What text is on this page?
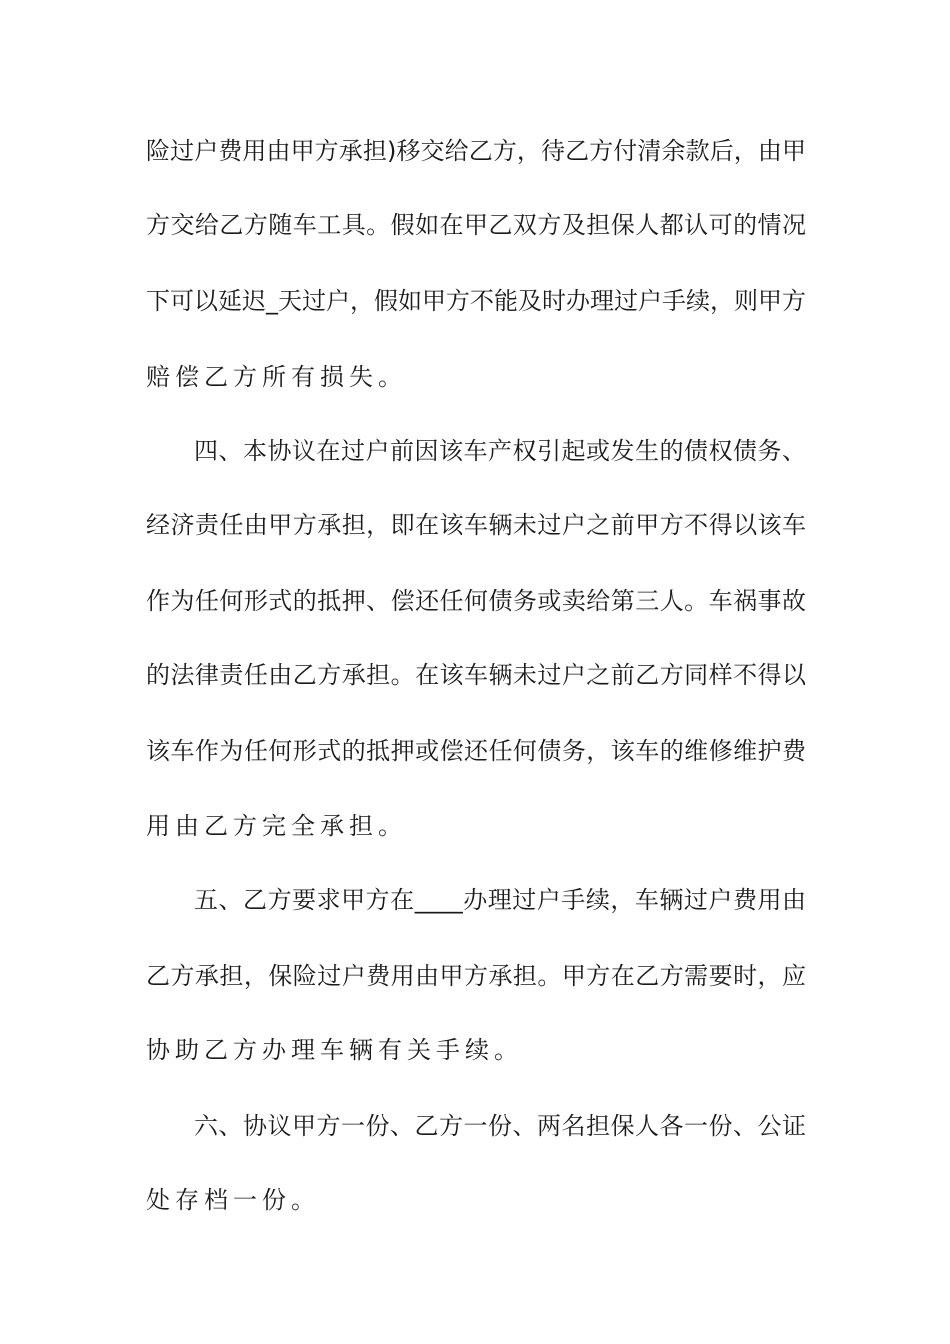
险过户费用由甲方承担)移交给乙方，待乙方付清余款后，由甲
方交给乙方随车工具。假如在甲乙双方及担保人都认可的情况
下可以延迟_天过户，假如甲方不能及时办理过户手续，则甲方
赔偿乙方所有损失。
四、本协议在过户前因该车产权引起或发生的债权债务、
经济责任由甲方承担，即在该车辆未过户之前甲方不得以该车
作为任何形式的抵押、偿还任何债务或卖给第三人。车祸事故
的法律责任由乙方承担。在该车辆未过户之前乙方同样不得以
该车作为任何形式的抵押或偿还任何债务，该车的维修维护费
用由乙方完全承担。
五、乙方要求甲方在____办理过户手续，车辆过户费用由
乙方承担，保险过户费用由甲方承担。甲方在乙方需要时，应
协助乙方办理车辆有关手续。
六、协议甲方一份、乙方一份、两名担保人各一份、公证
处存档一份。
